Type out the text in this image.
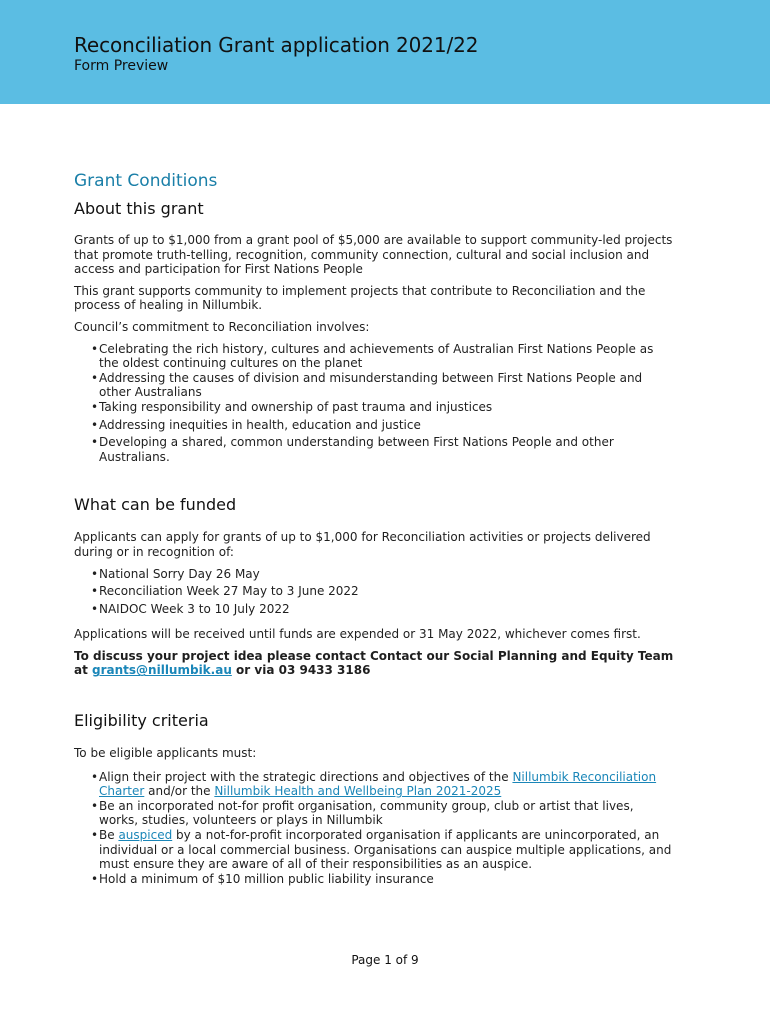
Reconciliation Grant application 2021/22
Form Preview
Grant Conditions
About this grant

Grants of up to $1,000 from a grant pool of $5,000 are available to support community-led projects that promote truth-telling, recognition, community connection, cultural and social inclusion and access and participation for First Nations People

This grant supports community to implement projects that contribute to Reconciliation and the process of healing in Nillumbik.

Council’s commitment to Reconciliation involves:

• Celebrating the rich history, cultures and achievements of Australian First Nations People as the oldest continuing cultures on the planet
• Addressing the causes of division and misunderstanding between First Nations People and other Australians
• Taking responsibility and ownership of past trauma and injustices
• Addressing inequities in health, education and justice
• Developing a shared, common understanding between First Nations People and other Australians.
What can be funded

Applicants can apply for grants of up to $1,000 for Reconciliation activities or projects delivered during or in recognition of:

• National Sorry Day 26 May
• Reconciliation Week 27 May to 3 June 2022
• NAIDOC Week 3 to 10 July 2022

Applications will be received until funds are expended or 31 May 2022, whichever comes first.

To discuss your project idea please contact Contact our Social Planning and Equity Team at grants@nillumbik.au or via 03 9433 3186

Eligibility criteria

To be eligible applicants must:

• Align their project with the strategic directions and objectives of the Nillumbik Reconciliation Charter and/or the Nillumbik Health and Wellbeing Plan 2021-2025
• Be an incorporated not-for profit organisation, community group, club or artist that lives, works, studies, volunteers or plays in Nillumbik
• Be auspiced by a not-for-profit incorporated organisation if applicants are unincorporated, an individual or a local commercial business. Organisations can auspice multiple applications, and must ensure they are aware of all of their responsibilities as an auspice.
• Hold a minimum of $10 million public liability insurance
Page 1 of 9
